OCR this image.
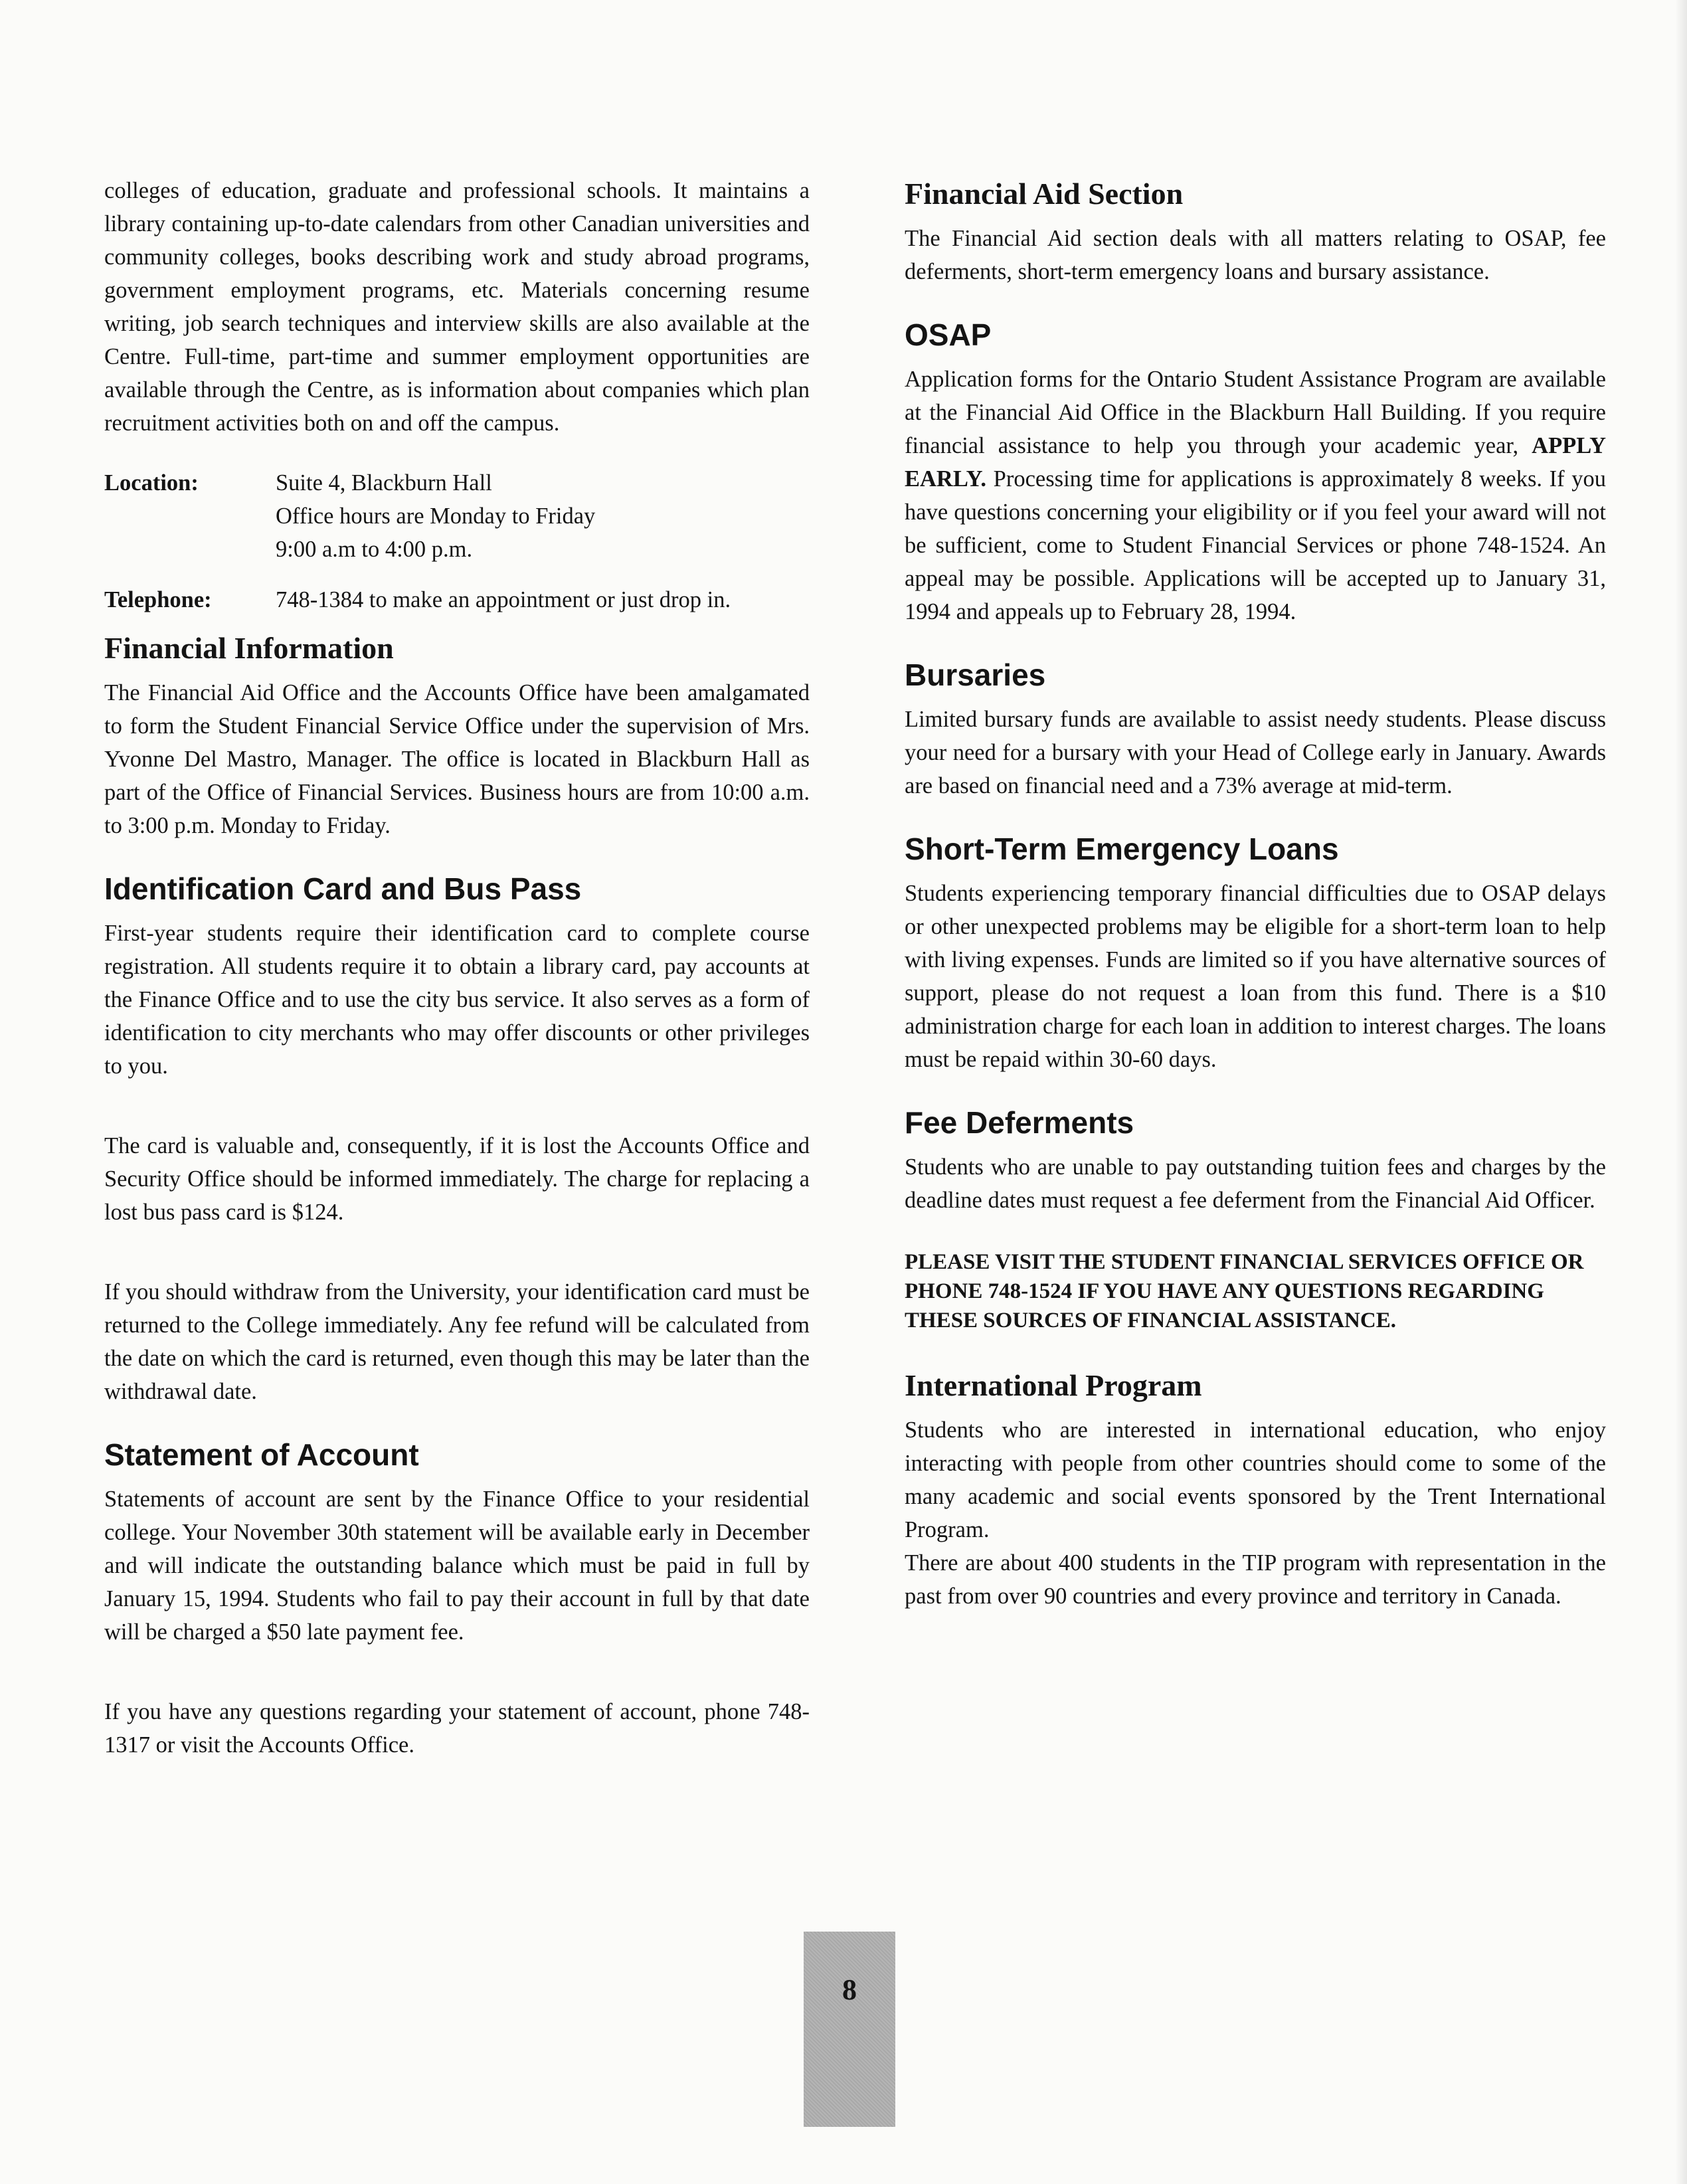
colleges of education, graduate and professional schools. It maintains a library containing up-to-date calendars from other Canadian universities and community colleges, books describing work and study abroad programs, government employment programs, etc. Materials concerning resume writing, job search techniques and interview skills are also available at the Centre. Full-time, part-time and summer employment opportunities are available through the Centre, as is information about companies which plan recruitment activities both on and off the campus.

Location:	Suite 4, Blackburn Hall
Office hours are Monday to Friday
9:00 a.m to 4:00 p.m.
Telephone:	748-1384 to make an appointment or just drop in.
Financial Information

The Financial Aid Office and the Accounts Office have been amalgamated to form the Student Financial Service Office under the supervision of Mrs. Yvonne Del Mastro, Manager. The office is located in Blackburn Hall as part of the Office of Financial Services. Business hours are from 10:00 a.m. to 3:00 p.m. Monday to Friday.

Identification Card and Bus Pass

First-year students require their identification card to complete course registration. All students require it to obtain a library card, pay accounts at the Finance Office and to use the city bus service. It also serves as a form of identification to city merchants who may offer discounts or other privileges to you.

The card is valuable and, consequently, if it is lost the Accounts Office and Security Office should be informed immediately. The charge for replacing a lost bus pass card is $124.

If you should withdraw from the University, your identification card must be returned to the College immediately. Any fee refund will be calculated from the date on which the card is returned, even though this may be later than the withdrawal date.

Statement of Account

Statements of account are sent by the Finance Office to your residential college. Your November 30th statement will be available early in December and will indicate the outstanding balance which must be paid in full by January 15, 1994. Students who fail to pay their account in full by that date will be charged a $50 late payment fee.

If you have any questions regarding your statement of account, phone 748-1317 or visit the Accounts Office.

Financial Aid Section

The Financial Aid section deals with all matters relating to OSAP, fee deferments, short-term emergency loans and bursary assistance.

OSAP

Application forms for the Ontario Student Assistance Program are available at the Financial Aid Office in the Blackburn Hall Building. If you require financial assistance to help you through your academic year, APPLY EARLY. Processing time for applications is approximately 8 weeks. If you have questions concerning your eligibility or if you feel your award will not be sufficient, come to Student Financial Services or phone 748-1524. An appeal may be possible. Applications will be accepted up to January 31, 1994 and appeals up to February 28, 1994.

Bursaries

Limited bursary funds are available to assist needy students. Please discuss your need for a bursary with your Head of College early in January. Awards are based on financial need and a 73% average at mid-term.

Short-Term Emergency Loans

Students experiencing temporary financial difficulties due to OSAP delays or other unexpected problems may be eligible for a short-term loan to help with living expenses. Funds are limited so if you have alternative sources of support, please do not request a loan from this fund. There is a $10 administration charge for each loan in addition to interest charges. The loans must be repaid within 30-60 days.

Fee Deferments

Students who are unable to pay outstanding tuition fees and charges by the deadline dates must request a fee deferment from the Financial Aid Officer.

PLEASE VISIT THE STUDENT FINANCIAL SERVICES OFFICE OR PHONE 748-1524 IF YOU HAVE ANY QUESTIONS REGARDING THESE SOURCES OF FINANCIAL ASSISTANCE.

International Program

Students who are interested in international education, who enjoy interacting with people from other countries should come to some of the many academic and social events sponsored by the Trent International Program.

There are about 400 students in the TIP program with representation in the past from over 90 countries and every province and territory in Canada.

8
